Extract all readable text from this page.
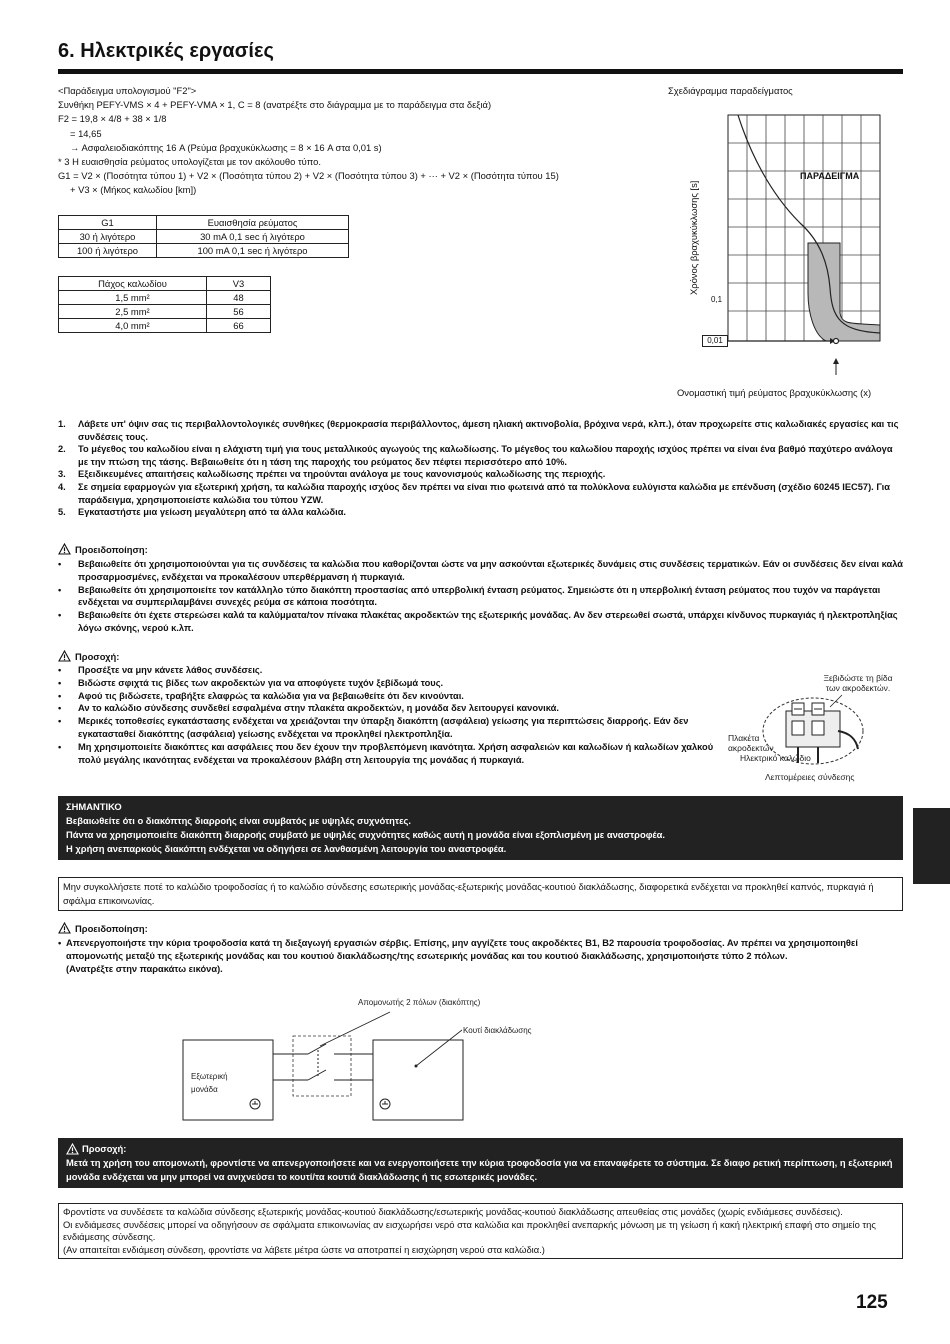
6. Ηλεκτρικές εργασίες
<Παράδειγμα υπολογισμού "F2">
Συνθήκη PEFY-VMS × 4 + PEFY-VMA × 1, C = 8 (ανατρέξτε στο διάγραμμα με το παράδειγμα στα δεξιά)
F2 = 19,8 × 4/8 + 38 × 1/8
= 14,65
→ Ασφαλειοδιακόπτης 16 A (Ρεύμα βραχυκύκλωσης = 8 × 16 A στα 0,01 s)
* 3 Η ευαισθησία ρεύματος υπολογίζεται με τον ακόλουθο τύπο.
G1 = V2 × (Ποσότητα τύπου 1) + V2 × (Ποσότητα τύπου 2) + V2 × (Ποσότητα τύπου 3) + ··· + V2 × (Ποσότητα τύπου 15)
+ V3 × (Μήκος καλωδίου [km])
G1	Ευαισθησία ρεύματος
30 ή λιγότερο	30 mA 0,1 sec ή λιγότερο
100 ή λιγότερο	100 mA 0,1 sec ή λιγότερο
Πάχος καλωδίου	V3
1,5 mm²	48
2,5 mm²	56
4,0 mm²	66
Σχεδιάγραμμα παραδείγματος
Χρόνος βραχυκύκλωσης [s]
ΠΑΡΑΔΕΙΓΜΑ
0,1
0,01
Ονομαστική τιμή ρεύματος βραχυκύκλωσης (x)
1.	Λάβετε υπ' όψιν σας τις περιβαλλοντολογικές συνθήκες (θερμοκρασία περιβάλλοντος, άμεση ηλιακή ακτινοβολία, βρόχινα νερά, κλπ.), όταν προχωρείτε στις καλωδιακές εργασίες και τις συνδέσεις τους.
2.	Το μέγεθος του καλωδίου είναι η ελάχιστη τιμή για τους μεταλλικούς αγωγούς της καλωδίωσης. Το μέγεθος του καλωδίου παροχής ισχύος πρέπει να είναι ένα βαθμό παχύτερο ανάλογα με την πτώση της τάσης. Βεβαιωθείτε ότι η τάση της παροχής του ρεύματος δεν πέφτει περισσότερο από 10%.
3.	Εξειδικευμένες απαιτήσεις καλωδίωσης πρέπει να τηρούνται ανάλογα με τους κανονισμούς καλωδίωσης της περιοχής.
4.	Σε σημεία εφαρμογών για εξωτερική χρήση, τα καλώδια παροχής ισχύος δεν πρέπει να είναι πιο φωτεινά από τα πολύκλονα ευλύγιστα καλώδια με επένδυση (σχέδιο 60245 IEC57). Για παράδειγμα, χρησιμοποιείστε καλώδια του τύπου YZW.
5.	Εγκαταστήστε μια γείωση μεγαλύτερη από τα άλλα καλώδια.
Προειδοποίηση:
•	Βεβαιωθείτε ότι χρησιμοποιούνται για τις συνδέσεις τα καλώδια που καθορίζονται ώστε να μην ασκούνται εξωτερικές δυνάμεις στις συνδέσεις τερματικών. Εάν οι συνδέσεις δεν είναι καλά προσαρμοσμένες, ενδέχεται να προκαλέσουν υπερθέρμανση ή πυρκαγιά.
•	Βεβαιωθείτε ότι χρησιμοποιείτε τον κατάλληλο τύπο διακόπτη προστασίας από υπερβολική ένταση ρεύματος. Σημειώστε ότι η υπερβολική ένταση ρεύματος που τυχόν να παράγεται ενδέχεται να συμπεριλαμβάνει συνεχές ρεύμα σε κάποια ποσότητα.
•	Βεβαιωθείτε ότι έχετε στερεώσει καλά τα καλύμματα/τον πίνακα πλακέτας ακροδεκτών της εξωτερικής μονάδας. Αν δεν στερεωθεί σωστά, υπάρχει κίνδυνος πυρκαγιάς ή ηλεκτροπληξίας λόγω σκόνης, νερού κ.λπ.
Προσοχή:
•	Προσέξτε να μην κάνετε λάθος συνδέσεις.
•	Βιδώστε σφιχτά τις βίδες των ακροδεκτών για να αποφύγετε τυχόν ξεβίδωμά τους.
•	Αφού τις βιδώσετε, τραβήξτε ελαφρώς τα καλώδια για να βεβαιωθείτε ότι δεν κινούνται.
•	Αν το καλώδιο σύνδεσης συνδεθεί εσφαλμένα στην πλακέτα ακροδεκτών, η μονάδα δεν λειτουργεί κανονικά.
•	Μερικές τοποθεσίες εγκατάστασης ενδέχεται να χρειάζονται την ύπαρξη διακόπτη (ασφάλεια) γείωσης για περιπτώσεις διαρροής. Εάν δεν εγκατασταθεί διακόπτης (ασφάλεια) γείωσης ενδέχεται να προκληθεί ηλεκτροπληξία.
•	Μη χρησιμοποιείτε διακόπτες και ασφάλειες που δεν έχουν την προβλεπόμενη ικανότητα. Χρήση ασφαλειών και καλωδίων ή καλωδίων χαλκού πολύ μεγάλης ικανότητας ενδέχεται να προκαλέσουν βλάβη στη λειτουργία της μονάδας ή πυρκαγιά.
Ξεβιδώστε τη βίδα των ακροδεκτών.
Πλακέτα ακροδεκτών
Ηλεκτρικό καλώδιο
Λεπτομέρειες σύνδεσης
ΣΗΜΑΝΤΙΚΟ
Βεβαιωθείτε ότι ο διακόπτης διαρροής είναι συμβατός με υψηλές συχνότητες.
Πάντα να χρησιμοποιείτε διακόπτη διαρροής συμβατό με υψηλές συχνότητες καθώς αυτή η μονάδα είναι εξοπλισμένη με αναστροφέα.
Η χρήση ανεπαρκούς διακόπτη ενδέχεται να οδηγήσει σε λανθασμένη λειτουργία του αναστροφέα.
Μην συγκολλήσετε ποτέ το καλώδιο τροφοδοσίας ή το καλώδιο σύνδεσης εσωτερικής μονάδας-εξωτερικής μονάδας-κουτιού διακλάδωσης, διαφορετικά ενδέχεται να προκληθεί καπνός, πυρκαγιά ή σφάλμα επικοινωνίας.
Προειδοποίηση:
• Απενεργοποιήστε την κύρια τροφοδοσία κατά τη διεξαγωγή εργασιών σέρβις. Επίσης, μην αγγίζετε τους ακροδέκτες B1, B2 παρουσία τροφοδοσίας. Αν πρέπει να χρησιμοποιηθεί απομονωτής μεταξύ της εξωτερικής μονάδας και του κουτιού διακλάδωσης/της εσωτερικής μονάδας και του κουτιού διακλάδωσης, χρησιμοποιήστε τύπο 2 πόλων.
(Ανατρέξτε στην παρακάτω εικόνα).
Απομονωτής 2 πόλων (διακόπτης)
Κουτί διακλάδωσης
Εξωτερική
μονάδα
Προσοχή:
Μετά τη χρήση του απομονωτή, φροντίστε να απενεργοποιήσετε και να ενεργοποιήσετε την κύρια τροφοδοσία για να επαναφέρετε το σύστημα. Σε διαφο ρετική περίπτωση, η εξωτερική μονάδα ενδέχεται να μην μπορεί να ανιχνεύσει το κουτί/τα κουτιά διακλάδωσης ή τις εσωτερικές μονάδες.
Φροντίστε να συνδέσετε τα καλώδια σύνδεσης εξωτερικής μονάδας-κουτιού διακλάδωσης/εσωτερικής μονάδας-κουτιού διακλάδωσης απευθείας στις μονάδες (χωρίς ενδιάμεσες συνδέσεις).
Οι ενδιάμεσες συνδέσεις μπορεί να οδηγήσουν σε σφάλματα επικοινωνίας αν εισχωρήσει νερό στα καλώδια και προκληθεί ανεπαρκής μόνωση με τη γείωση ή κακή ηλεκτρική επαφή στο σημείο της ενδιάμεσης σύνδεσης.
(Αν απαιτείται ενδιάμεση σύνδεση, φροντίστε να λάβετε μέτρα ώστε να αποτραπεί η εισχώρηση νερού στα καλώδια.)
125
